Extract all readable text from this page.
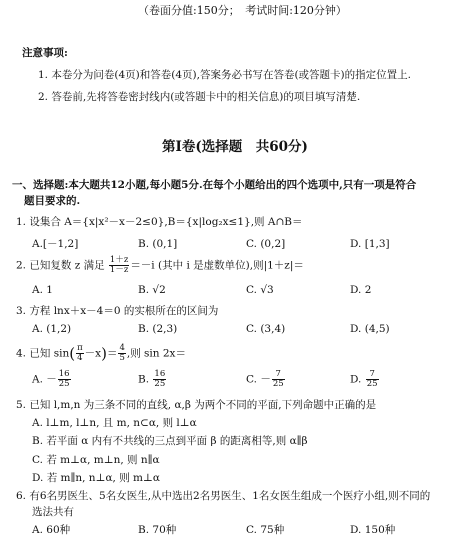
（卷面分值:150分；　考试时间:120分钟）
注意事项:
1. 本卷分为问卷(4页)和答卷(4页),答案务必书写在答卷(或答题卡)的指定位置上.
2. 答卷前,先将答卷密封线内(或答题卡中的相关信息)的项目填写清楚.
第Ⅰ卷(选择题　共60分)
一、选择题:本大题共12小题,每小题5分.在每个小题给出的四个选项中,只有一项是符合
题目要求的.
1. 设集合 A＝{x|x²－x－2≤0},B＝{x|log₂x≤1},则 A∩B＝
A.[－1,2]	B. (0,1]	C. (0,2]	D. [1,3]
2. 已知复数 z 满足 $\frac{1+z}{1-z} =-i$ (其中 i 是虚数单位),则|1＋z|＝
A. 1	B. √2	C. √3	D. 2
3. 方程 lnx＋x－4＝0 的实根所在的区间为
A. (1,2)	B. (2,3)	C. (3,4)	D. (4,5)
4. 已知 $\sin( \frac{\pi}{4} -x)= \frac{4}{5}$ ,则 sin 2x＝
A. － $\frac{16}{25}$	B. $\frac{16}{25}$	C. － $\frac{7}{25}$	D. $\frac{7}{25}$
5. 已知 l,m,n 为三条不同的直线, α,β 为两个不同的平面,下列命题中正确的是
A. l⊥m, l⊥n, 且 m, n⊂α, 则 l⊥α
B. 若平面 α 内有不共线的三点到平面 β 的距离相等,则 α∥β
C. 若 m⊥α, m⊥n, 则 n∥α
D. 若 m∥n, n⊥α, 则 m⊥α
6. 有6名男医生、5名女医生,从中选出2名男医生、1名女医生组成一个医疗小组,则不同的
选法共有
A. 60种	B. 70种	C. 75种	D. 150种
